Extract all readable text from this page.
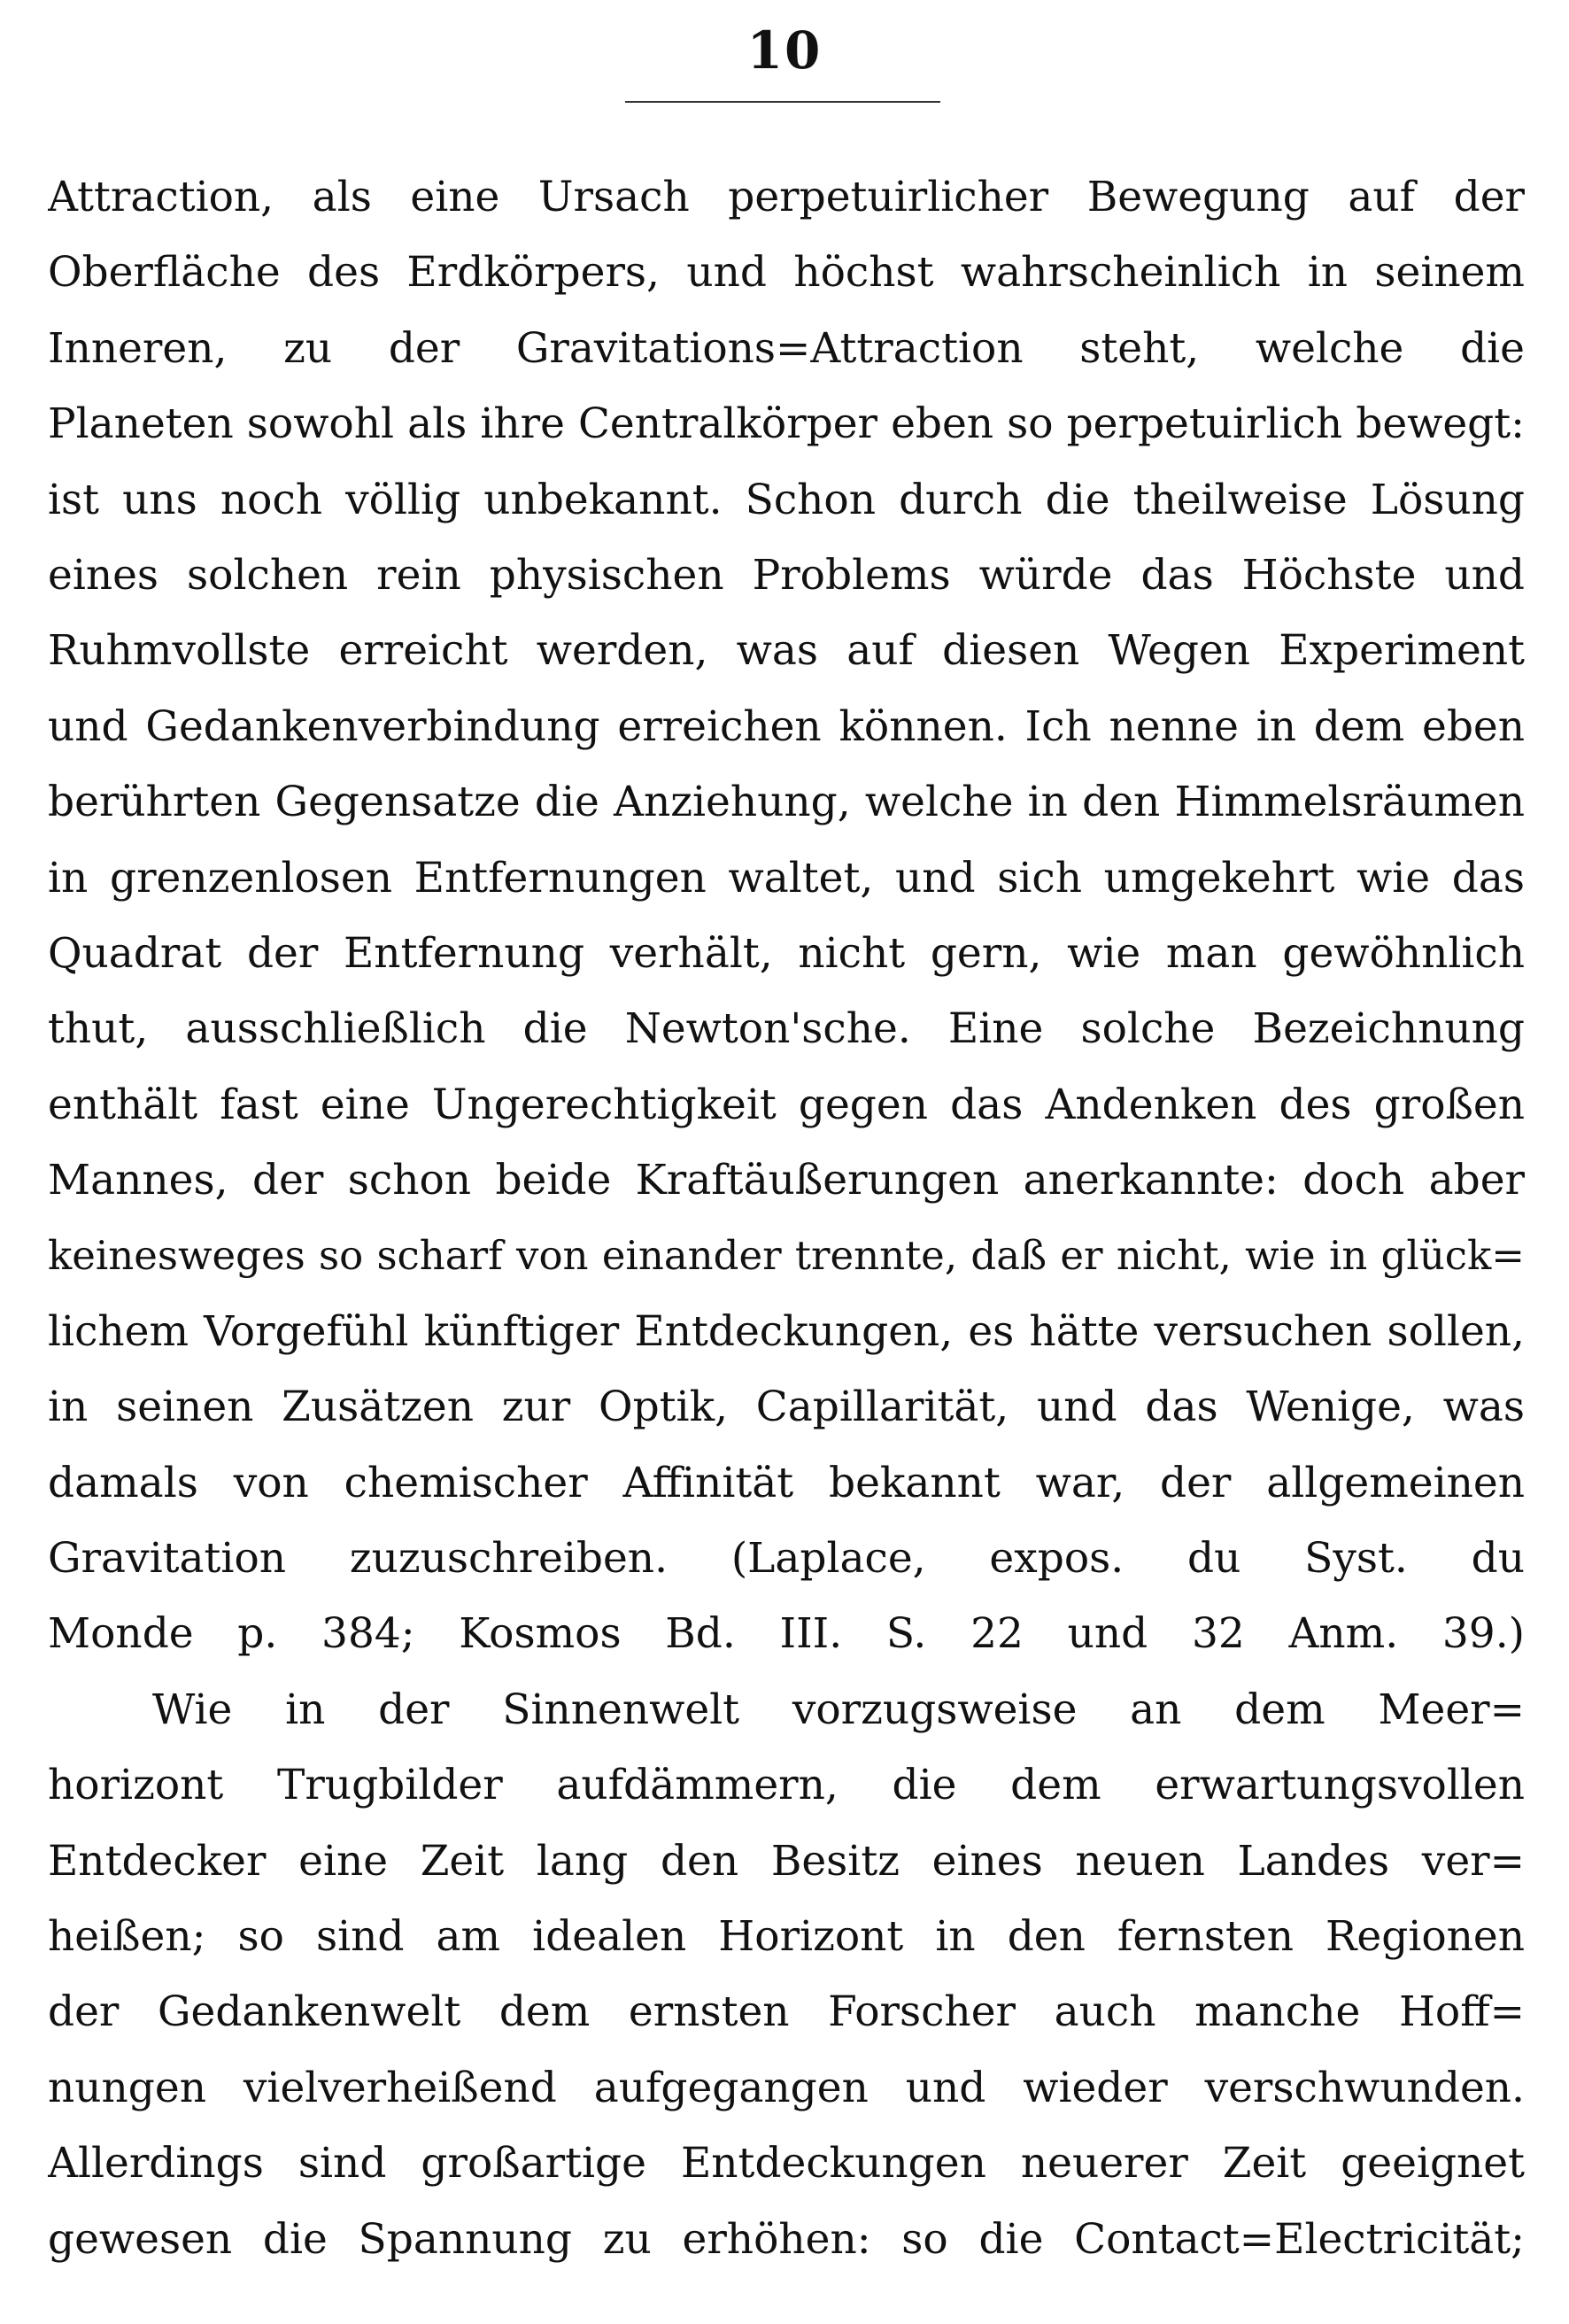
10
Attraction, als eine Ursach perpetuirlicher Bewegung auf der
Oberfläche des Erdkörpers, und höchst wahrscheinlich in seinem
Inneren, zu der Gravitations=Attraction steht, welche die
Planeten sowohl als ihre Centralkörper eben so perpetuirlich bewegt:
ist uns noch völlig unbekannt. Schon durch die theilweise Lösung
eines solchen rein physischen Problems würde das Höchste und
Ruhmvollste erreicht werden, was auf diesen Wegen Experiment
und Gedankenverbindung erreichen können. Ich nenne in dem eben
berührten Gegensatze die Anziehung, welche in den Himmelsräumen
in grenzenlosen Entfernungen waltet, und sich umgekehrt wie das
Quadrat der Entfernung verhält, nicht gern, wie man gewöhnlich
thut, ausschließlich die Newton'sche. Eine solche Bezeichnung
enthält fast eine Ungerechtigkeit gegen das Andenken des großen
Mannes, der schon beide Kraftäußerungen anerkannte: doch aber
keinesweges so scharf von einander trennte, daß er nicht, wie in glück=
lichem Vorgefühl künftiger Entdeckungen, es hätte versuchen sollen,
in seinen Zusätzen zur Optik, Capillarität, und das Wenige, was
damals von chemischer Affinität bekannt war, der allgemeinen
Gravitation zuzuschreiben. (Laplace, expos. du Syst. du
Monde p. 384; Kosmos Bd. III. S. 22 und 32 Anm. 39.)
Wie in der Sinnenwelt vorzugsweise an dem Meer=
horizont Trugbilder aufdämmern, die dem erwartungsvollen
Entdecker eine Zeit lang den Besitz eines neuen Landes ver=
heißen; so sind am idealen Horizont in den fernsten Regionen
der Gedankenwelt dem ernsten Forscher auch manche Hoff=
nungen vielverheißend aufgegangen und wieder verschwunden.
Allerdings sind großartige Entdeckungen neuerer Zeit geeignet
gewesen die Spannung zu erhöhen: so die Contact=Electricität;
